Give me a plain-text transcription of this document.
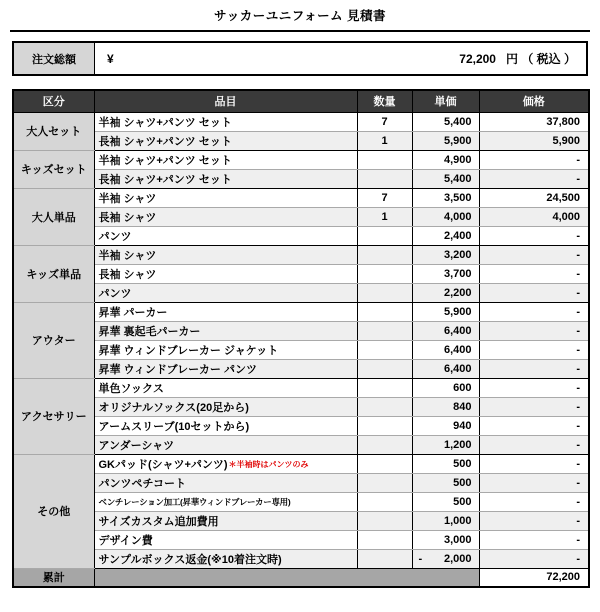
サッカーユニフォーム 見積書
注文総額	¥	72,200 円 （ 税込 ）
区分	品目	数量	単価	価格
大人セット	半袖 シャツ+パンツ セット	7	5,400	37,800
	長袖 シャツ+パンツ セット	1	5,900	5,900
キッズセット	半袖 シャツ+パンツ セット		4,900	-
	長袖 シャツ+パンツ セット		5,400	-
大人単品	半袖 シャツ	7	3,500	24,500
	長袖 シャツ	1	4,000	4,000
	パンツ		2,400	-
キッズ単品	半袖 シャツ		3,200	-
	長袖 シャツ		3,700	-
	パンツ		2,200	-
アウター	昇華 パーカー		5,900	-
	昇華 裏起毛パーカー		6,400	-
	昇華 ウィンドブレーカー ジャケット		6,400	-
	昇華 ウィンドブレーカー パンツ		6,400	-
アクセサリー	単色ソックス		600	-
	オリジナルソックス(20足から)		840	-
	アームスリーブ(10セットから)		940	-
	アンダーシャツ		1,200	-
その他	GKパッド(シャツ+パンツ)＊半袖時はパンツのみ		500	-
	パンツペチコート		500	-
	ベンチレーション加工(昇華ウィンドブレーカー専用)		500	-
	サイズカスタム追加費用		1,000	-
	デザイン費		3,000	-
	サンプルボックス返金(※10着注文時)		- 2,000	-
累計				72,200
